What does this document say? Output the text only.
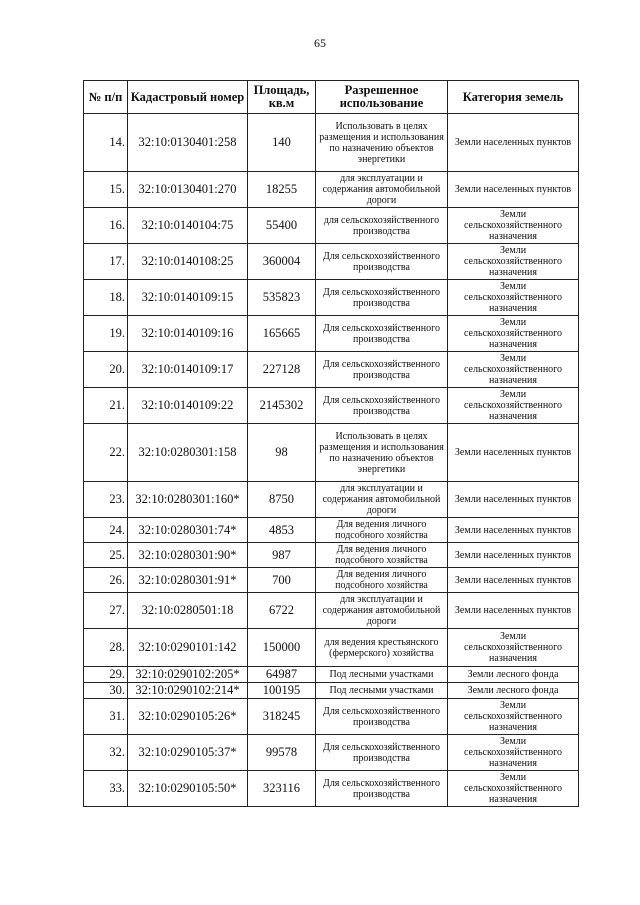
65
№ п/п	Кадастровый номер	Площадь, кв.м	Разрешенное использование	Категория земель
14.	32:10:0130401:258	140	Использовать в целях размещения и использования по назначению объектов энергетики	Земли населенных пунктов
15.	32:10:0130401:270	18255	для эксплуатации и содержания автомобильной дороги	Земли населенных пунктов
16.	32:10:0140104:75	55400	для сельскохозяйственного производства	Земли сельскохозяйственного назначения
17.	32:10:0140108:25	360004	Для сельскохозяйственного производства	Земли сельскохозяйственного назначения
18.	32:10:0140109:15	535823	Для сельскохозяйственного производства	Земли сельскохозяйственного назначения
19.	32:10:0140109:16	165665	Для сельскохозяйственного производства	Земли сельскохозяйственного назначения
20.	32:10:0140109:17	227128	Для сельскохозяйственного производства	Земли сельскохозяйственного назначения
21.	32:10:0140109:22	2145302	Для сельскохозяйственного производства	Земли сельскохозяйственного назначения
22.	32:10:0280301:158	98	Использовать в целях размещения и использования по назначению объектов энергетики	Земли населенных пунктов
23.	32:10:0280301:160*	8750	для эксплуатации и содержания автомобильной дороги	Земли населенных пунктов
24.	32:10:0280301:74*	4853	Для ведения личного подсобного хозяйства	Земли населенных пунктов
25.	32:10:0280301:90*	987	Для ведения личного подсобного хозяйства	Земли населенных пунктов
26.	32:10:0280301:91*	700	Для ведения личного подсобного хозяйства	Земли населенных пунктов
27.	32:10:0280501:18	6722	для эксплуатации и содержания автомобильной дороги	Земли населенных пунктов
28.	32:10:0290101:142	150000	для ведения крестьянского (фермерского) хозяйства	Земли сельскохозяйственного назначения
29.	32:10:0290102:205*	64987	Под лесными участками	Земли лесного фонда
30.	32:10:0290102:214*	100195	Под лесными участками	Земли лесного фонда
31.	32:10:0290105:26*	318245	Для сельскохозяйственного производства	Земли сельскохозяйственного назначения
32.	32:10:0290105:37*	99578	Для сельскохозяйственного производства	Земли сельскохозяйственного назначения
33.	32:10:0290105:50*	323116	Для сельскохозяйственного производства	Земли сельскохозяйственного назначения
